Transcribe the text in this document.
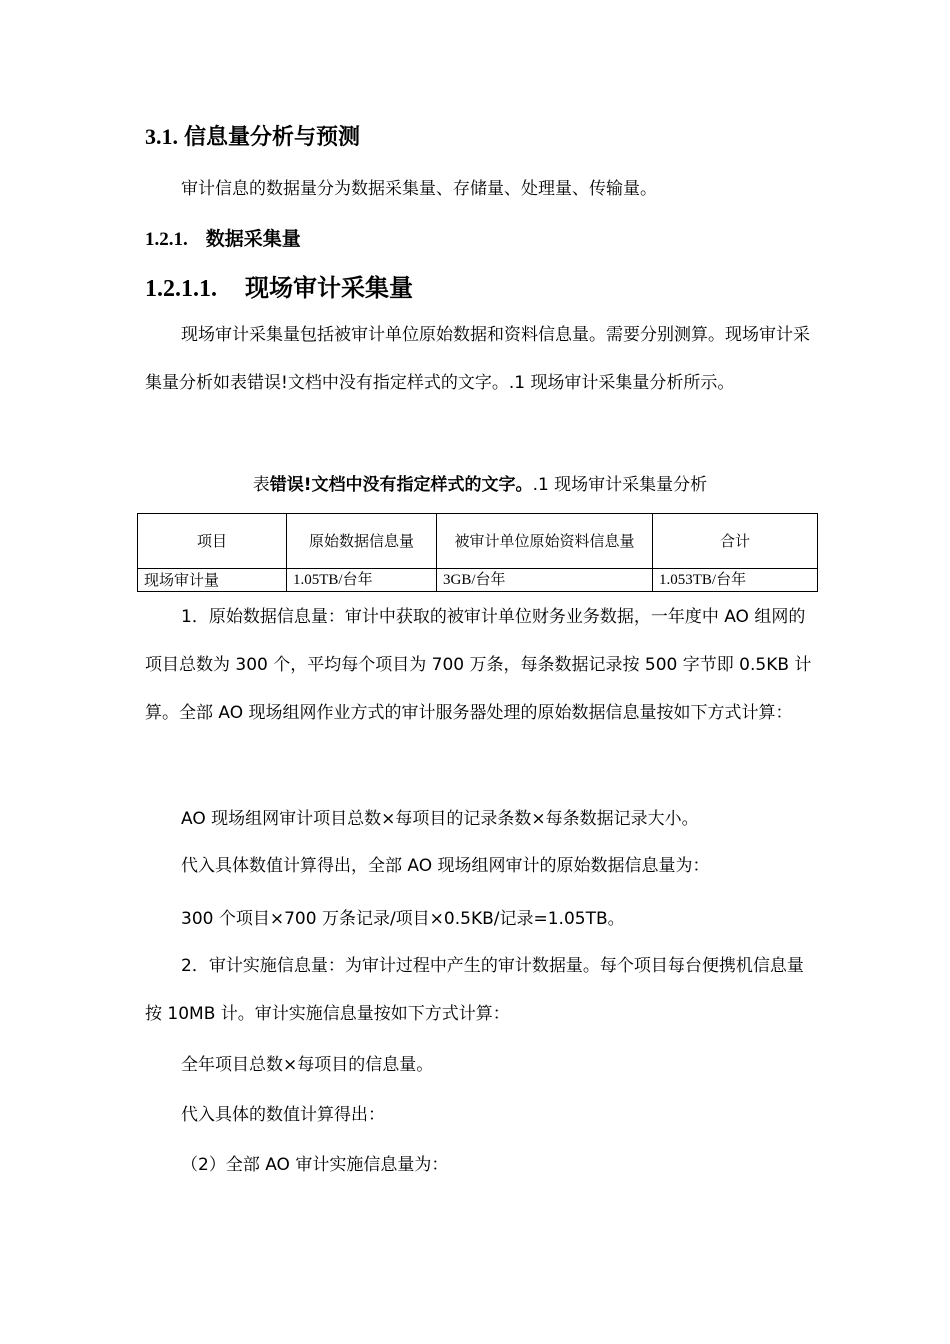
3.1. 信息量分析与预测
审计信息的数据量分为数据采集量、存储量、处理量、传输量。
1.2.1. 数据采集量
1.2.1.1. 现场审计采集量
现场审计采集量包括被审计单位原始数据和资料信息量。需要分别测算。现场审计采集量分析如表错误!文档中没有指定样式的文字。.1 现场审计采集量分析所示。
表错误!文档中没有指定样式的文字。.1 现场审计采集量分析
项目	原始数据信息量	被审计单位原始资料信息量	合计
现场审计量	1.05TB/台年	3GB/台年	1.053TB/台年
1．原始数据信息量：审计中获取的被审计单位财务业务数据，一年度中 AO 组网的项目总数为 300 个，平均每个项目为 700 万条，每条数据记录按 500 字节即 0.5KB 计算。全部 AO 现场组网作业方式的审计服务器处理的原始数据信息量按如下方式计算：
AO 现场组网审计项目总数×每项目的记录条数×每条数据记录大小。
代入具体数值计算得出，全部 AO 现场组网审计的原始数据信息量为：
300 个项目×700 万条记录/项目×0.5KB/记录=1.05TB。
2．审计实施信息量：为审计过程中产生的审计数据量。每个项目每台便携机信息量按 10MB 计。审计实施信息量按如下方式计算：
全年项目总数×每项目的信息量。
代入具体的数值计算得出：
（2）全部 AO 审计实施信息量为：
